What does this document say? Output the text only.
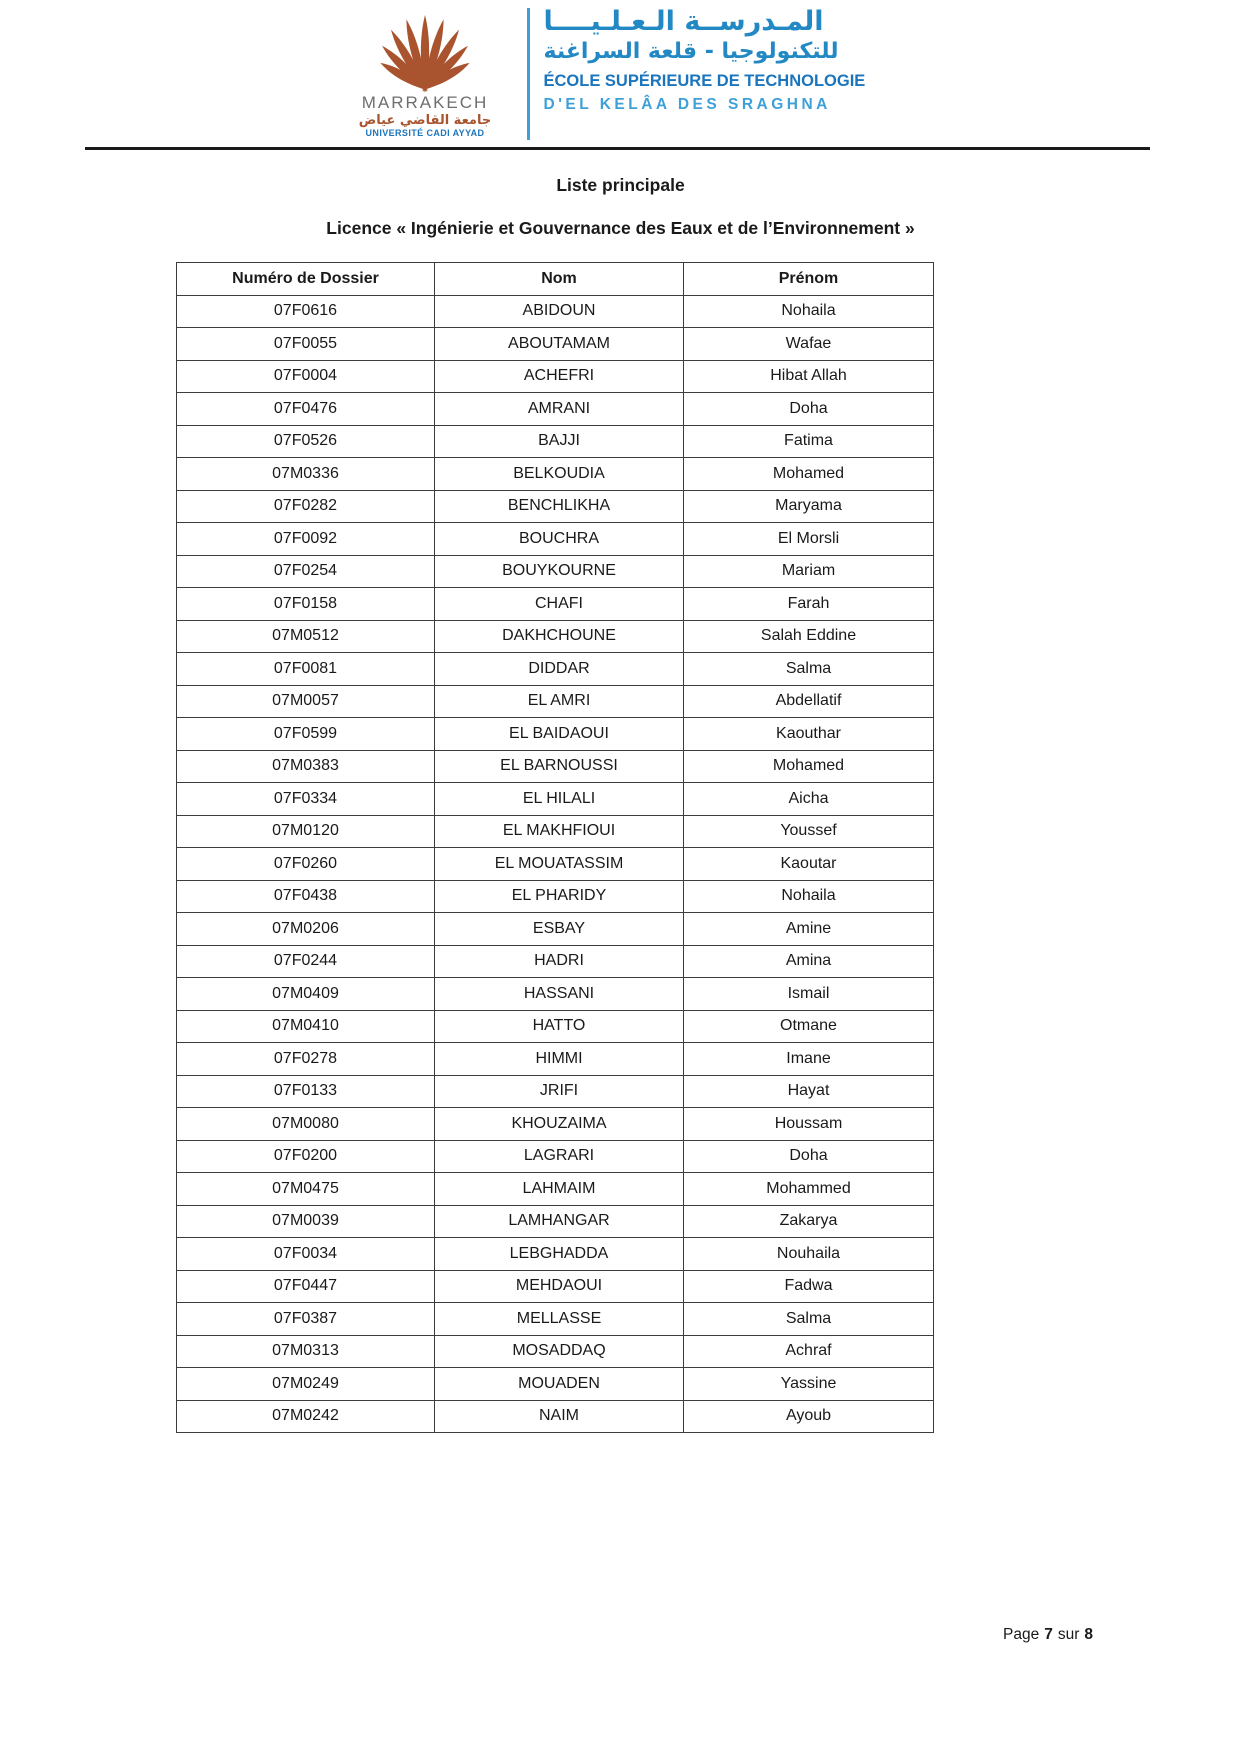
MARRAKECH
جامعة القاضي عياض
UNIVERSITÉ CADI AYYAD
المـدرســة الـعـلـيــــا
للتكنولوجيا - قلعة السراغنة
ÉCOLE SUPÉRIEURE DE TECHNOLOGIE
D'EL KELÂA DES SRAGHNA
Liste principale
Licence « Ingénierie et Gouvernance des Eaux et de l’Environnement »
Numéro de Dossier	Nom	Prénom
07F0616	ABIDOUN	Nohaila
07F0055	ABOUTAMAM	Wafae
07F0004	ACHEFRI	Hibat Allah
07F0476	AMRANI	Doha
07F0526	BAJJI	Fatima
07M0336	BELKOUDIA	Mohamed
07F0282	BENCHLIKHA	Maryama
07F0092	BOUCHRA	El Morsli
07F0254	BOUYKOURNE	Mariam
07F0158	CHAFI	Farah
07M0512	DAKHCHOUNE	Salah Eddine
07F0081	DIDDAR	Salma
07M0057	EL AMRI	Abdellatif
07F0599	EL BAIDAOUI	Kaouthar
07M0383	EL BARNOUSSI	Mohamed
07F0334	EL HILALI	Aicha
07M0120	EL MAKHFIOUI	Youssef
07F0260	EL MOUATASSIM	Kaoutar
07F0438	EL PHARIDY	Nohaila
07M0206	ESBAY	Amine
07F0244	HADRI	Amina
07M0409	HASSANI	Ismail
07M0410	HATTO	Otmane
07F0278	HIMMI	Imane
07F0133	JRIFI	Hayat
07M0080	KHOUZAIMA	Houssam
07F0200	LAGRARI	Doha
07M0475	LAHMAIM	Mohammed
07M0039	LAMHANGAR	Zakarya
07F0034	LEBGHADDA	Nouhaila
07F0447	MEHDAOUI	Fadwa
07F0387	MELLASSE	Salma
07M0313	MOSADDAQ	Achraf
07M0249	MOUADEN	Yassine
07M0242	NAIM	Ayoub
Page 7 sur 8
